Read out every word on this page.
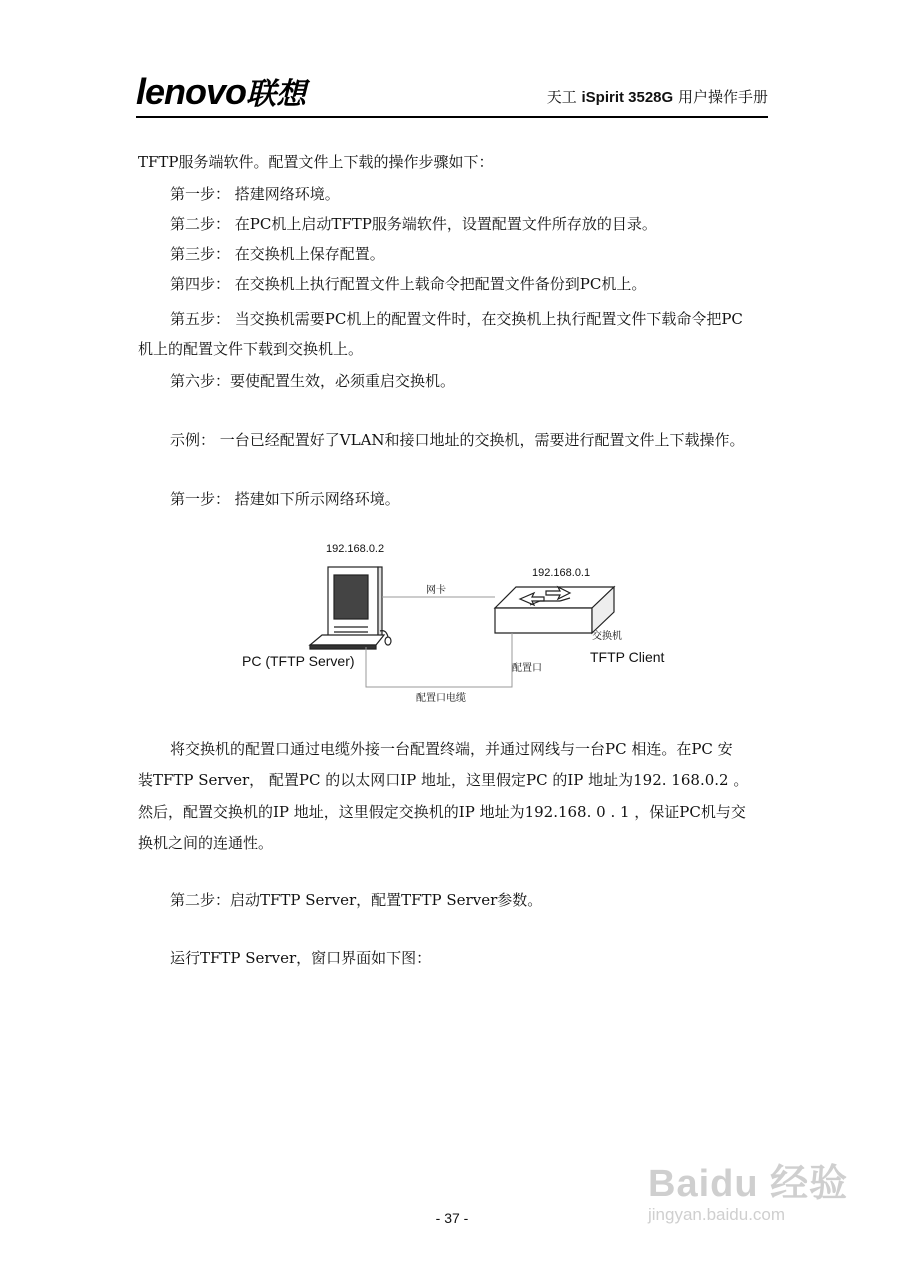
lenovo联想	天工 iSpirit 3528G 用户操作手册
TFTP服务端软件。配置文件上下载的操作步骤如下：
第一步： 搭建网络环境。
第二步： 在PC机上启动TFTP服务端软件，设置配置文件所存放的目录。
第三步： 在交换机上保存配置。
第四步： 在交换机上执行配置文件上载命令把配置文件备份到PC机上。
第五步： 当交换机需要PC机上的配置文件时，在交换机上执行配置文件下载命令把PC
机上的配置文件下载到交换机上。
第六步：要使配置生效，必须重启交换机。
示例： 一台已经配置好了VLAN和接口地址的交换机，需要进行配置文件上下载操作。
第一步： 搭建如下所示网络环境。
192.168.0.2
192.168.0.1
网卡
交换机
配置口
配置口电缆
PC (TFTP Server)	TFTP Client
将交换机的配置口通过电缆外接一台配置终端，并通过网线与一台PC 相连。在PC 安
装TFTP Server， 配置PC 的以太网口IP 地址，这里假定PC 的IP 地址为192. 168.0.2 。
然后，配置交换机的IP 地址，这里假定交换机的IP 地址为192.168. 0 . 1 ，保证PC机与交
换机之间的连通性。
第二步：启动TFTP Server，配置TFTP Server参数。
运行TFTP Server，窗口界面如下图：
- 37 -
Baidu 经验
jingyan.baidu.com
